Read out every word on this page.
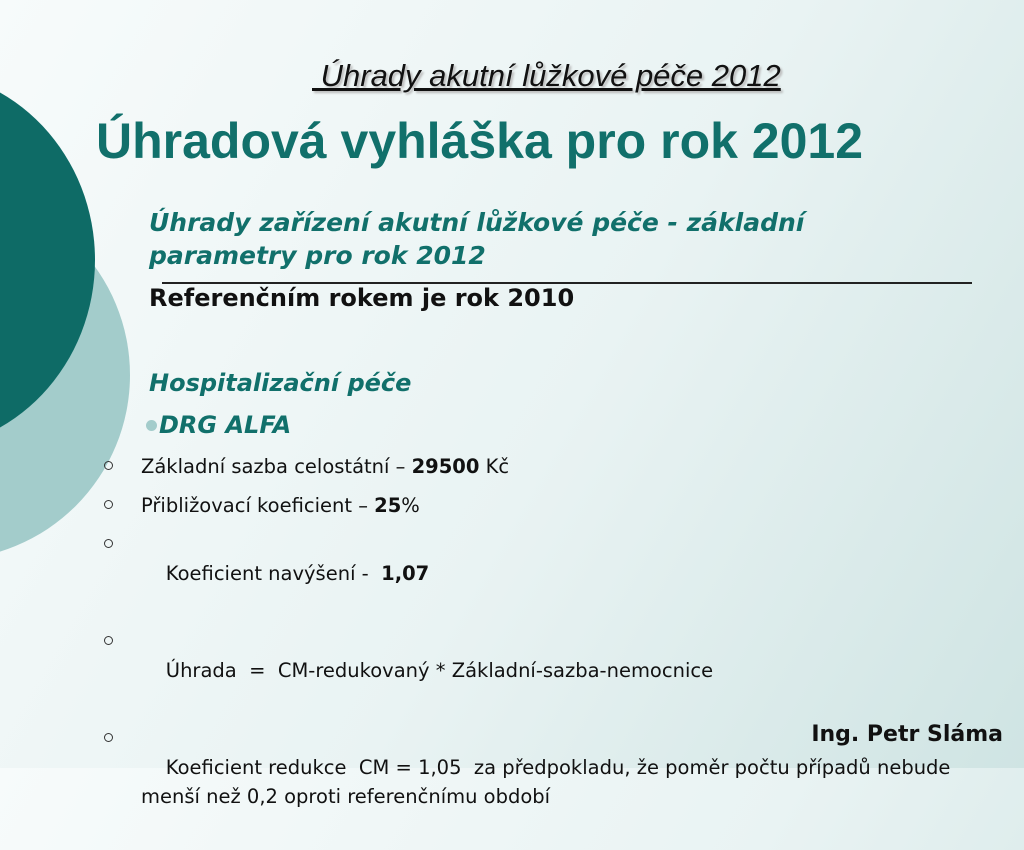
Úhrady akutní lůžkové péče 2012
Úhradová vyhláška pro rok 2012
Úhrady zařízení akutní lůžkové péče - základní parametry pro rok 2012
Referenčním rokem je rok 2010
Hospitalizační péče
DRG ALFA
Základní sazba celostátní – 29500 Kč
Přibližovací koeficient – 25%

Koeficient navýšení -  1,07

Úhrada  =  CM-redukovaný * Základní-sazba-nemocnice

Koeficient redukce  CM = 1,05  za předpokladu, že poměr počtu případů nebude menší než 0,2 oproti referenčnímu období

Ing. Petr Sláma
